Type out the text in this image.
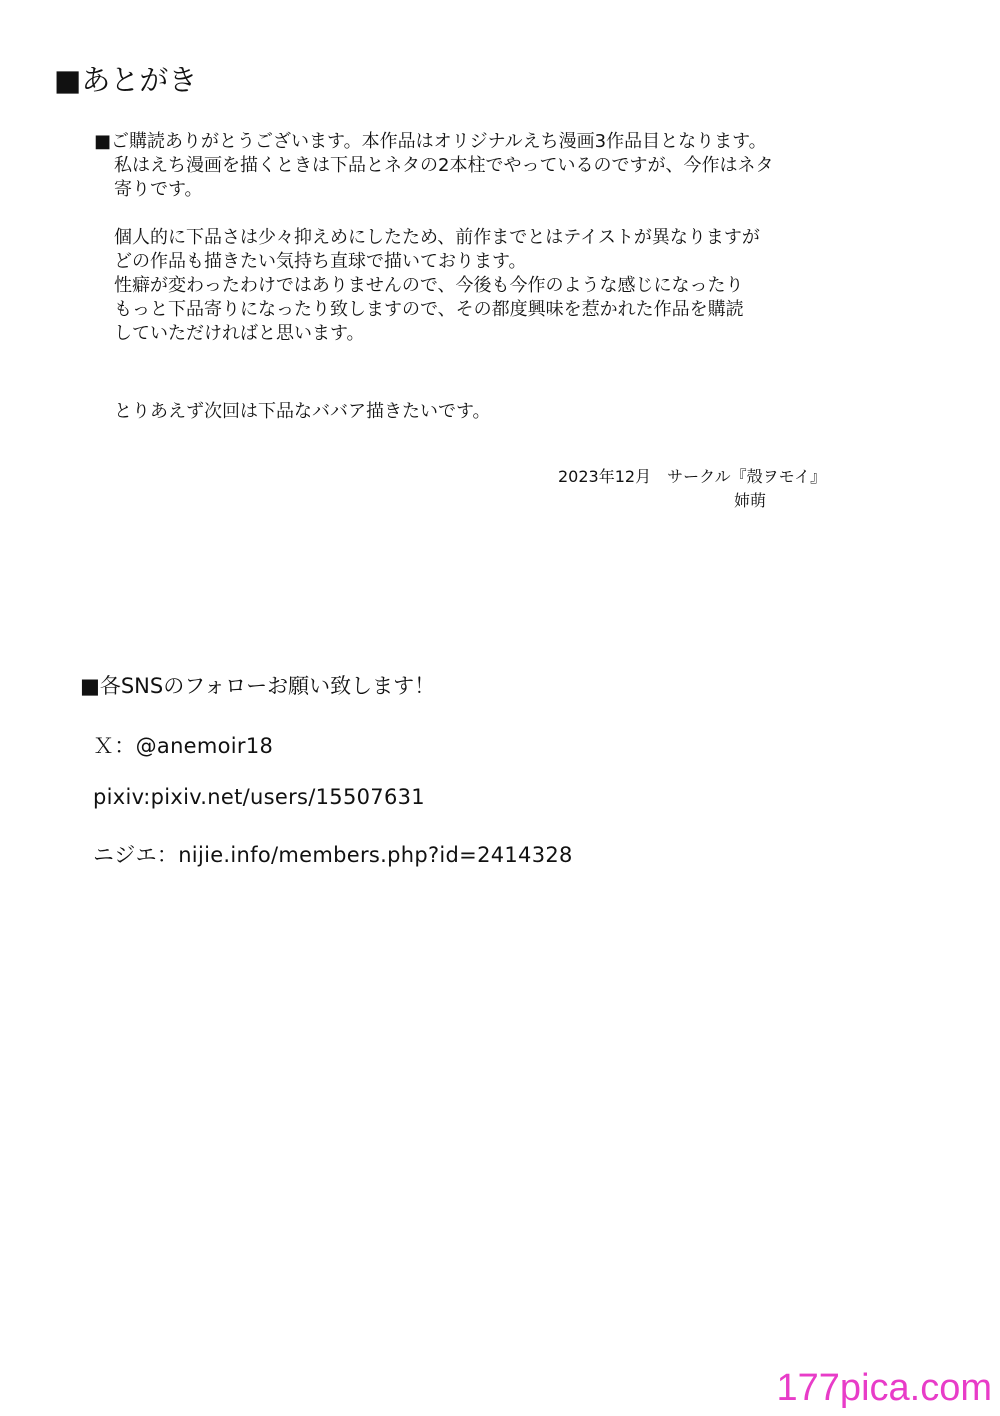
■あとがき
■ご購読ありがとうございます。本作品はオリジナルえち漫画3作品目となります。
私はえち漫画を描くときは下品とネタの2本柱でやっているのですが、今作はネタ
寄りです。
個人的に下品さは少々抑えめにしたため、前作までとはテイストが異なりますが
どの作品も描きたい気持ち直球で描いております。
性癖が変わったわけではありませんので、今後も今作のような感じになったり
もっと下品寄りになったり致しますので、その都度興味を惹かれた作品を購読
していただければと思います。
とりあえず次回は下品なババア描きたいです。
2023年12月　サークル『殻ヲモイ』
姉萌
■各SNSのフォローお願い致します！
Ｘ：@anemoir18
pixiv:pixiv.net/users/15507631
ニジエ：nijie.info/members.php?id=2414328
177pica.com
